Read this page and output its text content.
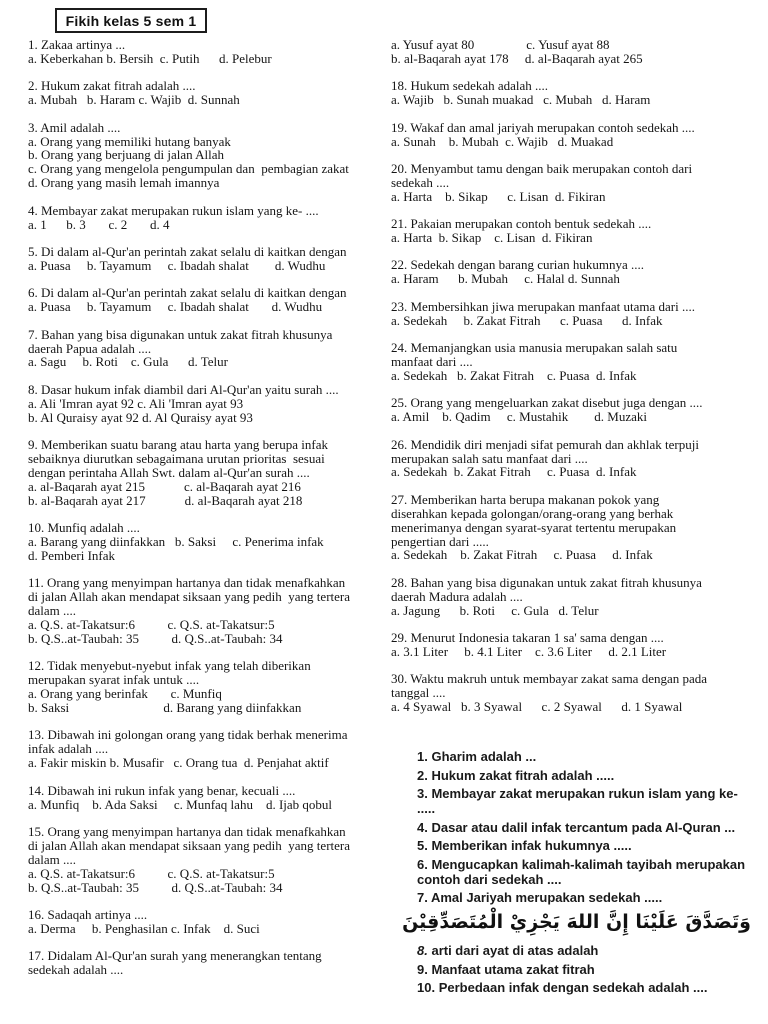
Fikih kelas 5 sem 1
1. Zakaa artinya ...
a. Keberkahan b. Bersih  c. Putih      d. Pelebur
2. Hukum zakat fitrah adalah ....
a. Mubah   b. Haram c. Wajib  d. Sunnah
3. Amil adalah ....
a. Orang yang memiliki hutang banyak
b. Orang yang berjuang di jalan Allah
c. Orang yang mengelola pengumpulan dan  pembagian zakat
d. Orang yang masih lemah imannya
4. Membayar zakat merupakan rukun islam yang ke- ....
a. 1      b. 3       c. 2       d. 4
5. Di dalam al-Qur'an perintah zakat selalu di kaitkan dengan
a. Puasa     b. Tayamum     c. Ibadah shalat        d. Wudhu
6. Di dalam al-Qur'an perintah zakat selalu di kaitkan dengan
a. Puasa     b. Tayamum     c. Ibadah shalat       d. Wudhu
7. Bahan yang bisa digunakan untuk zakat fitrah khusunya
daerah Papua adalah ....
a. Sagu     b. Roti    c. Gula      d. Telur
8. Dasar hukum infak diambil dari Al-Qur'an yaitu surah ....
a. Ali 'Imran ayat 92 c. Ali 'Imran ayat 93
b. Al Quraisy ayat 92 d. Al Quraisy ayat 93
9. Memberikan suatu barang atau harta yang berupa infak
sebaiknya diurutkan sebagaimana urutan prioritas  sesuai
dengan perintaha Allah Swt. dalam al-Qur'an surah ....
a. al-Baqarah ayat 215            c. al-Baqarah ayat 216
b. al-Baqarah ayat 217            d. al-Baqarah ayat 218
10. Munfiq adalah ....
a. Barang yang diinfakkan   b. Saksi     c. Penerima infak
d. Pemberi Infak
11. Orang yang menyimpan hartanya dan tidak menafkahkan
di jalan Allah akan mendapat siksaan yang pedih  yang tertera
dalam ....
a. Q.S. at-Takatsur:6          c. Q.S. at-Takatsur:5
b. Q.S..at-Taubah: 35          d. Q.S..at-Taubah: 34
12. Tidak menyebut-nyebut infak yang telah diberikan
merupakan syarat infak untuk ....
a. Orang yang berinfak       c. Munfiq
b. Saksi                             d. Barang yang diinfakkan
13. Dibawah ini golongan orang yang tidak berhak menerima
infak adalah ....
a. Fakir miskin b. Musafir   c. Orang tua  d. Penjahat aktif
14. Dibawah ini rukun infak yang benar, kecuali ....
a. Munfiq    b. Ada Saksi     c. Munfaq lahu    d. Ijab qobul
15. Orang yang menyimpan hartanya dan tidak menafkahkan
di jalan Allah akan mendapat siksaan yang pedih  yang tertera
dalam ....
a. Q.S. at-Takatsur:6          c. Q.S. at-Takatsur:5
b. Q.S..at-Taubah: 35          d. Q.S..at-Taubah: 34
16. Sadaqah artinya ....
a. Derma     b. Penghasilan c. Infak    d. Suci
17. Didalam Al-Qur'an surah yang menerangkan tentang
sedekah adalah ....
a. Yusuf ayat 80                c. Yusuf ayat 88
b. al-Baqarah ayat 178     d. al-Baqarah ayat 265
18. Hukum sedekah adalah ....
a. Wajib   b. Sunah muakad   c. Mubah   d. Haram
19. Wakaf dan amal jariyah merupakan contoh sedekah ....
a. Sunah    b. Mubah  c. Wajib   d. Muakad
20. Menyambut tamu dengan baik merupakan contoh dari
sedekah ....
a. Harta    b. Sikap      c. Lisan  d. Fikiran
21. Pakaian merupakan contoh bentuk sedekah ....
a. Harta  b. Sikap    c. Lisan  d. Fikiran
22. Sedekah dengan barang curian hukumnya ....
a. Haram      b. Mubah     c. Halal d. Sunnah
23. Membersihkan jiwa merupakan manfaat utama dari ....
a. Sedekah     b. Zakat Fitrah      c. Puasa      d. Infak
24. Memanjangkan usia manusia merupakan salah satu
manfaat dari ....
a. Sedekah   b. Zakat Fitrah    c. Puasa  d. Infak
25. Orang yang mengeluarkan zakat disebut juga dengan ....
a. Amil    b. Qadim     c. Mustahik        d. Muzaki
26. Mendidik diri menjadi sifat pemurah dan akhlak terpuji
merupakan salah satu manfaat dari ....
a. Sedekah  b. Zakat Fitrah     c. Puasa  d. Infak
27. Memberikan harta berupa makanan pokok yang
diserahkan kepada golongan/orang-orang yang berhak
menerimanya dengan syarat-syarat tertentu merupakan
pengertian dari .....
a. Sedekah    b. Zakat Fitrah     c. Puasa     d. Infak
28. Bahan yang bisa digunakan untuk zakat fitrah khusunya
daerah Madura adalah ....
a. Jagung      b. Roti     c. Gula   d. Telur
29. Menurut Indonesia takaran 1 sa' sama dengan ....
a. 3.1 Liter     b. 4.1 Liter    c. 3.6 Liter     d. 2.1 Liter
30. Waktu makruh untuk membayar zakat sama dengan pada
tanggal ....
a. 4 Syawal   b. 3 Syawal      c. 2 Syawal      d. 1 Syawal
1. Gharim adalah ...
2. Hukum zakat fitrah adalah .....
3. Membayar zakat merupakan rukun islam yang ke- .....
4. Dasar atau dalil infak tercantum pada Al-Quran ...
5. Memberikan infak hukumnya .....
6. Mengucapkan kalimah-kalimah tayibah merupakan contoh dari sedekah ....
7. Amal Jariyah merupakan sedekah .....
وَتَصَدَّقَ عَلَيْنَا إِنَّ اللهَ يَجْزِيْ الْمُتَصَدِّقِيْنَ
8. arti dari ayat di atas adalah
9. Manfaat utama zakat fitrah
10. Perbedaan infak dengan sedekah adalah ....
